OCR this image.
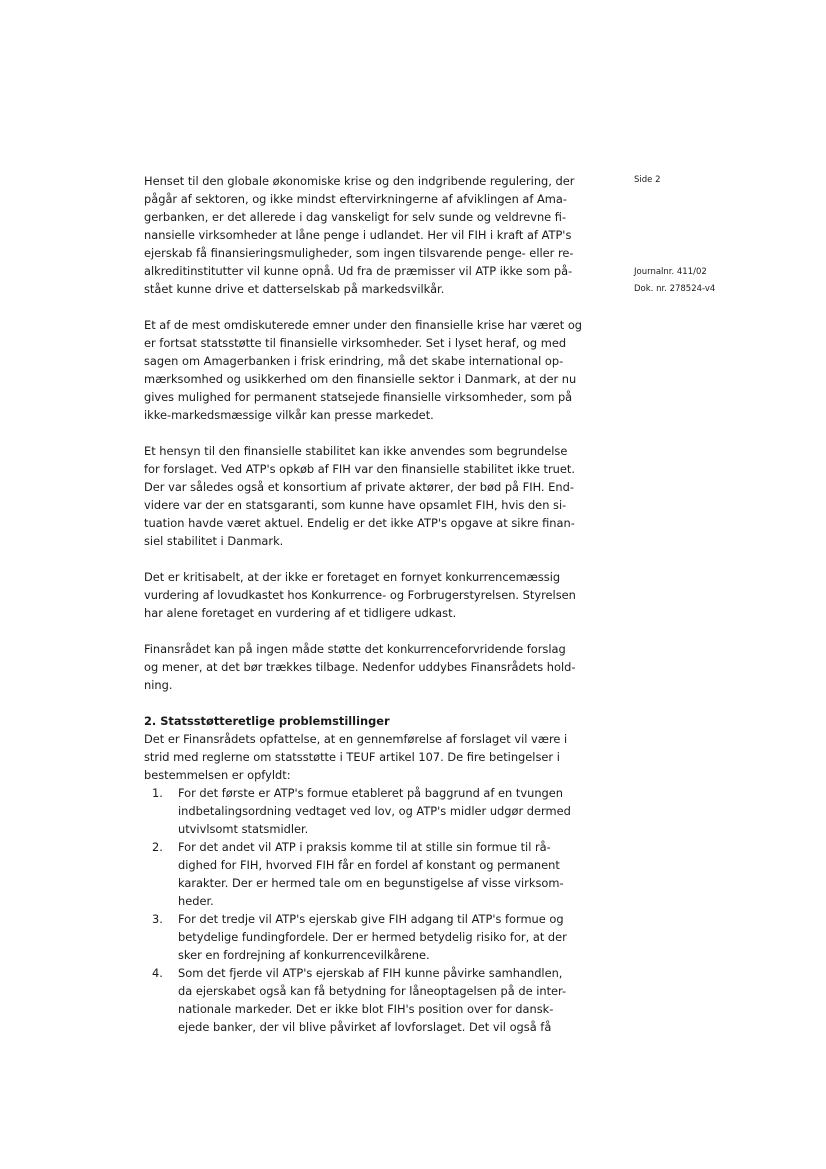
Side 2
Journalnr. 411/02
Dok. nr. 278524-v4

Henset til den globale økonomiske krise og den indgribende regulering, der
pågår af sektoren, og ikke mindst eftervirkningerne af afviklingen af Ama-
gerbanken, er det allerede i dag vanskeligt for selv sunde og veldrevne fi-
nansielle virksomheder at låne penge i udlandet. Her vil FIH i kraft af ATP's
ejerskab få finansieringsmuligheder, som ingen tilsvarende penge- eller re-
alkreditinstitutter vil kunne opnå. Ud fra de præmisser vil ATP ikke som på-
stået kunne drive et datterselskab på markedsvilkår.

Et af de mest omdiskuterede emner under den finansielle krise har været og
er fortsat statsstøtte til finansielle virksomheder. Set i lyset heraf, og med
sagen om Amagerbanken i frisk erindring, må det skabe international op-
mærksomhed og usikkerhed om den finansielle sektor i Danmark, at der nu
gives mulighed for permanent statsejede finansielle virksomheder, som på
ikke-markedsmæssige vilkår kan presse markedet.

Et hensyn til den finansielle stabilitet kan ikke anvendes som begrundelse
for forslaget. Ved ATP's opkøb af FIH var den finansielle stabilitet ikke truet.
Der var således også et konsortium af private aktører, der bød på FIH. End-
videre var der en statsgaranti, som kunne have opsamlet FIH, hvis den si-
tuation havde været aktuel. Endelig er det ikke ATP's opgave at sikre finan-
siel stabilitet i Danmark.

Det er kritisabelt, at der ikke er foretaget en fornyet konkurrencemæssig
vurdering af lovudkastet hos Konkurrence- og Forbrugerstyrelsen. Styrelsen
har alene foretaget en vurdering af et tidligere udkast.

Finansrådet kan på ingen måde støtte det konkurrenceforvridende forslag
og mener, at det bør trækkes tilbage. Nedenfor uddybes Finansrådets hold-
ning.

2. Statsstøtteretlige problemstillinger
Det er Finansrådets opfattelse, at en gennemførelse af forslaget vil være i
strid med reglerne om statsstøtte i TEUF artikel 107. De fire betingelser i
bestemmelsen er opfyldt:
1. For det første er ATP's formue etableret på baggrund af en tvungen
indbetalingsordning vedtaget ved lov, og ATP's midler udgør dermed
utvivlsomt statsmidler.
2. For det andet vil ATP i praksis komme til at stille sin formue til rå-
dighed for FIH, hvorved FIH får en fordel af konstant og permanent
karakter. Der er hermed tale om en begunstigelse af visse virksom-
heder.
3. For det tredje vil ATP's ejerskab give FIH adgang til ATP's formue og
betydelige fundingfordele. Der er hermed betydelig risiko for, at der
sker en fordrejning af konkurrencevilkårene.
4. Som det fjerde vil ATP's ejerskab af FIH kunne påvirke samhandlen,
da ejerskabet også kan få betydning for låneoptagelsen på de inter-
nationale markeder. Det er ikke blot FIH's position over for dansk-
ejede banker, der vil blive påvirket af lovforslaget. Det vil også få
